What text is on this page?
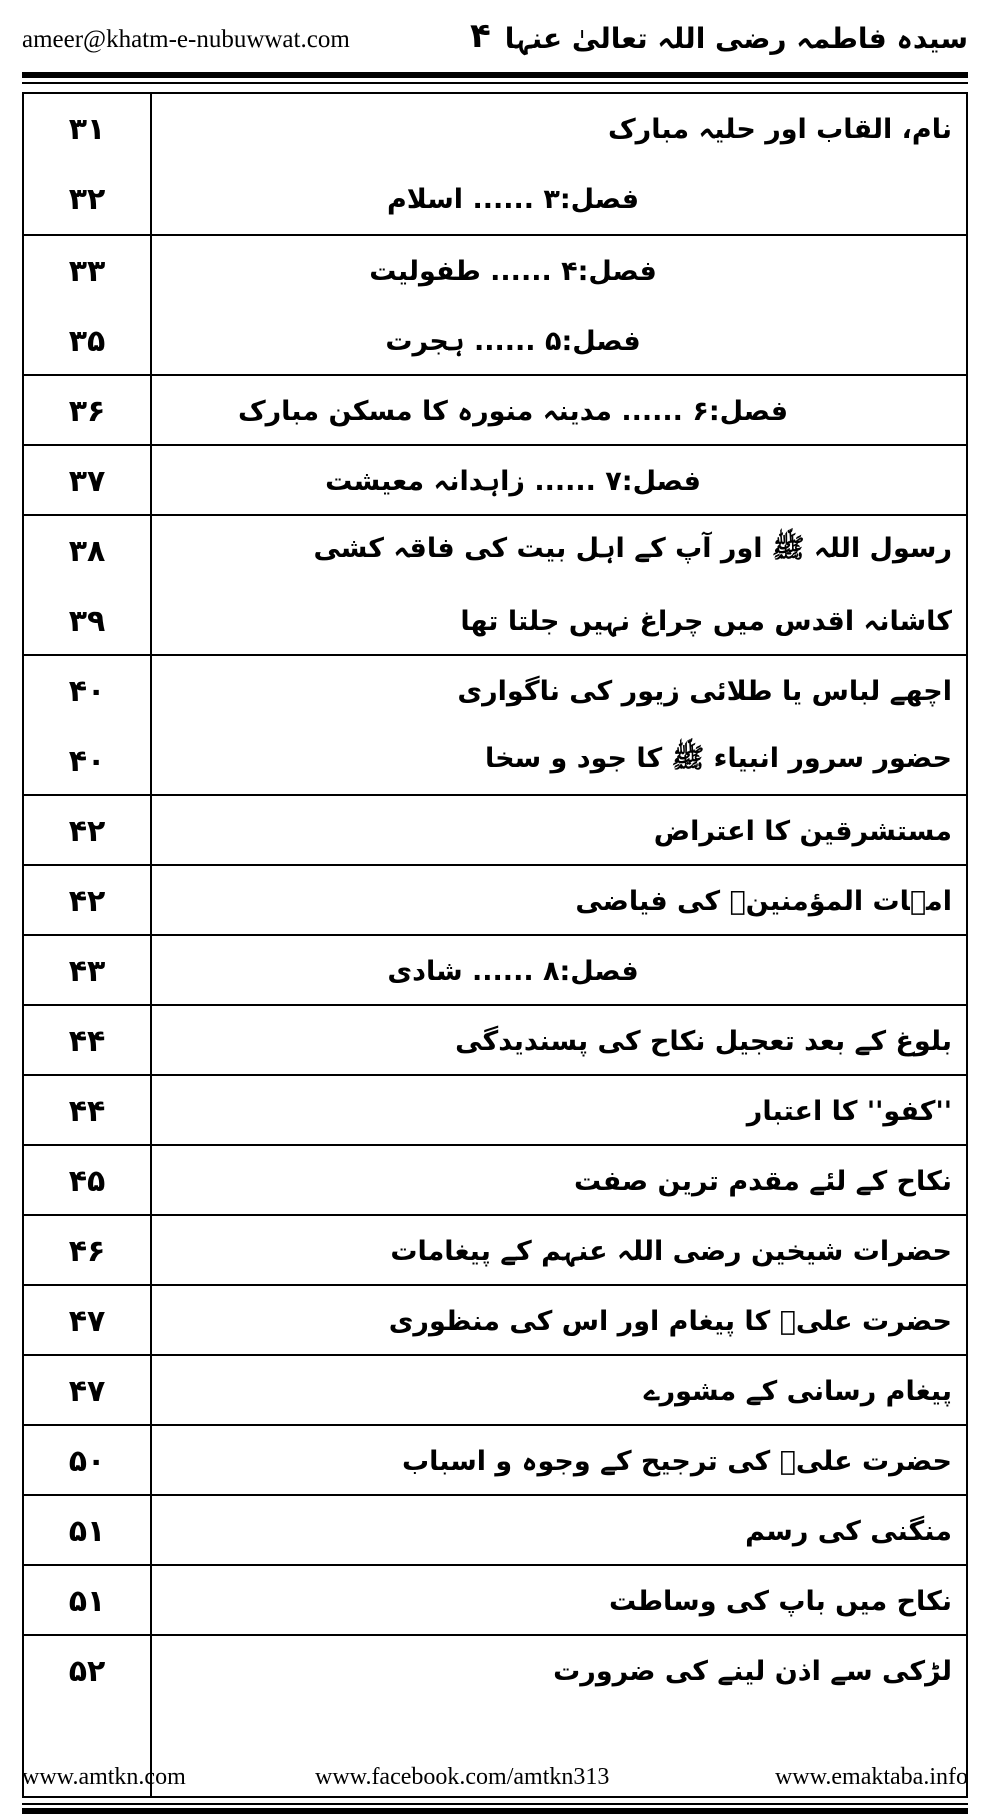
ameer@khatm-e-nubuwwat.com	۴ سیدہ فاطمہ رضی اللہ تعالیٰ عنہا
۳۱	نام، القاب اور حلیہ مبارک
۳۲	فصل:۳ ...... اسلام
۳۳	فصل:۴ ...... طفولیت
۳۵	فصل:۵ ...... ہجرت
۳۶	فصل:۶ ...... مدینہ منورہ کا مسکن مبارک
۳۷	فصل:۷ ...... زاہدانہ معیشت
۳۸	رسول اللہ ﷺ اور آپ کے اہل بیت کی فاقہ کشی
۳۹	کاشانہ اقدس میں چراغ نہیں جلتا تھا
۴۰	اچھے لباس یا طلائی زیور کی ناگواری
۴۰	حضور سرور انبیاء ﷺ کا جود و سخا
۴۲	مستشرقین کا اعتراض
۴۲	امہات المؤمنینؓ کی فیاضی
۴۳	فصل:۸ ...... شادی
۴۴	بلوغ کے بعد تعجیل نکاح کی پسندیدگی
۴۴	''کفو'' کا اعتبار
۴۵	نکاح کے لئے مقدم ترین صفت
۴۶	حضرات شیخین رضی اللہ عنہم کے پیغامات
۴۷	حضرت علیؓ کا پیغام اور اس کی منظوری
۴۷	پیغام رسانی کے مشورے
۵۰	حضرت علیؓ کی ترجیح کے وجوہ و اسباب
۵۱	منگنی کی رسم
۵۱	نکاح میں باپ کی وساطت
۵۲	لڑکی سے اذن لینے کی ضرورت
www.amtkn.com	www.facebook.com/amtkn313	www.emaktaba.info
